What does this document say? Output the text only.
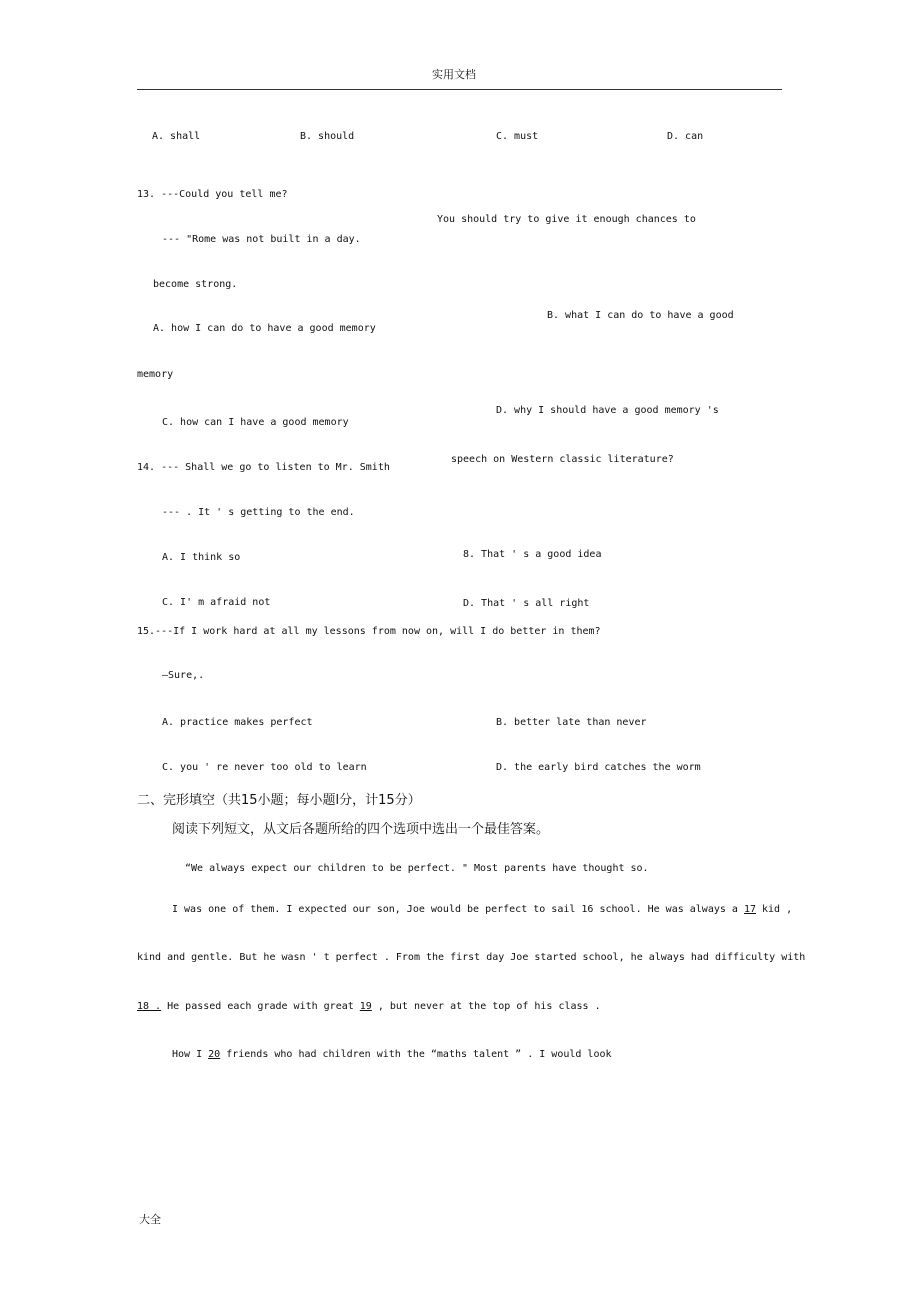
实用文档
A. shall	B. should	C. must	D. can
13. ---Could you tell me?
You should try to give it enough chances to
--- "Rome was not built in a day.
become strong.
B. what I can do to have a good
A. how I can do to have a good memory
memory
D. why I should have a good memory 's
C. how can I have a good memory
speech on Western classic literature?
14. --- Shall we go to listen to Mr. Smith
--- . It ' s getting to the end.
8. That ' s a good idea
A. I think so
C. I' m afraid not	D. That ' s all right
15.---If I work hard at all my lessons from now on, will I do better in them?
—Sure,.
A. practice makes perfect	B. better late than never
C. you ' re never too old to learn	D. the early bird catches the worm
二、完形填空（共15小题；每小题l分，计15分）
阅读下列短文，从文后各题所给的四个选项中选出一个最佳答案。
“We always expect our children to be perfect. " Most parents have thought so.
I was one of them. I expected our son, Joe would be perfect to sail 16 school. He was always a 17 kid ,
kind and gentle. But he wasn ' t perfect . From the first day Joe started school, he always had difficulty with
18 . He passed each grade with great 19 , but never at the top of his class .
How I 20 friends who had children with the “maths talent ” . I would look
大全
